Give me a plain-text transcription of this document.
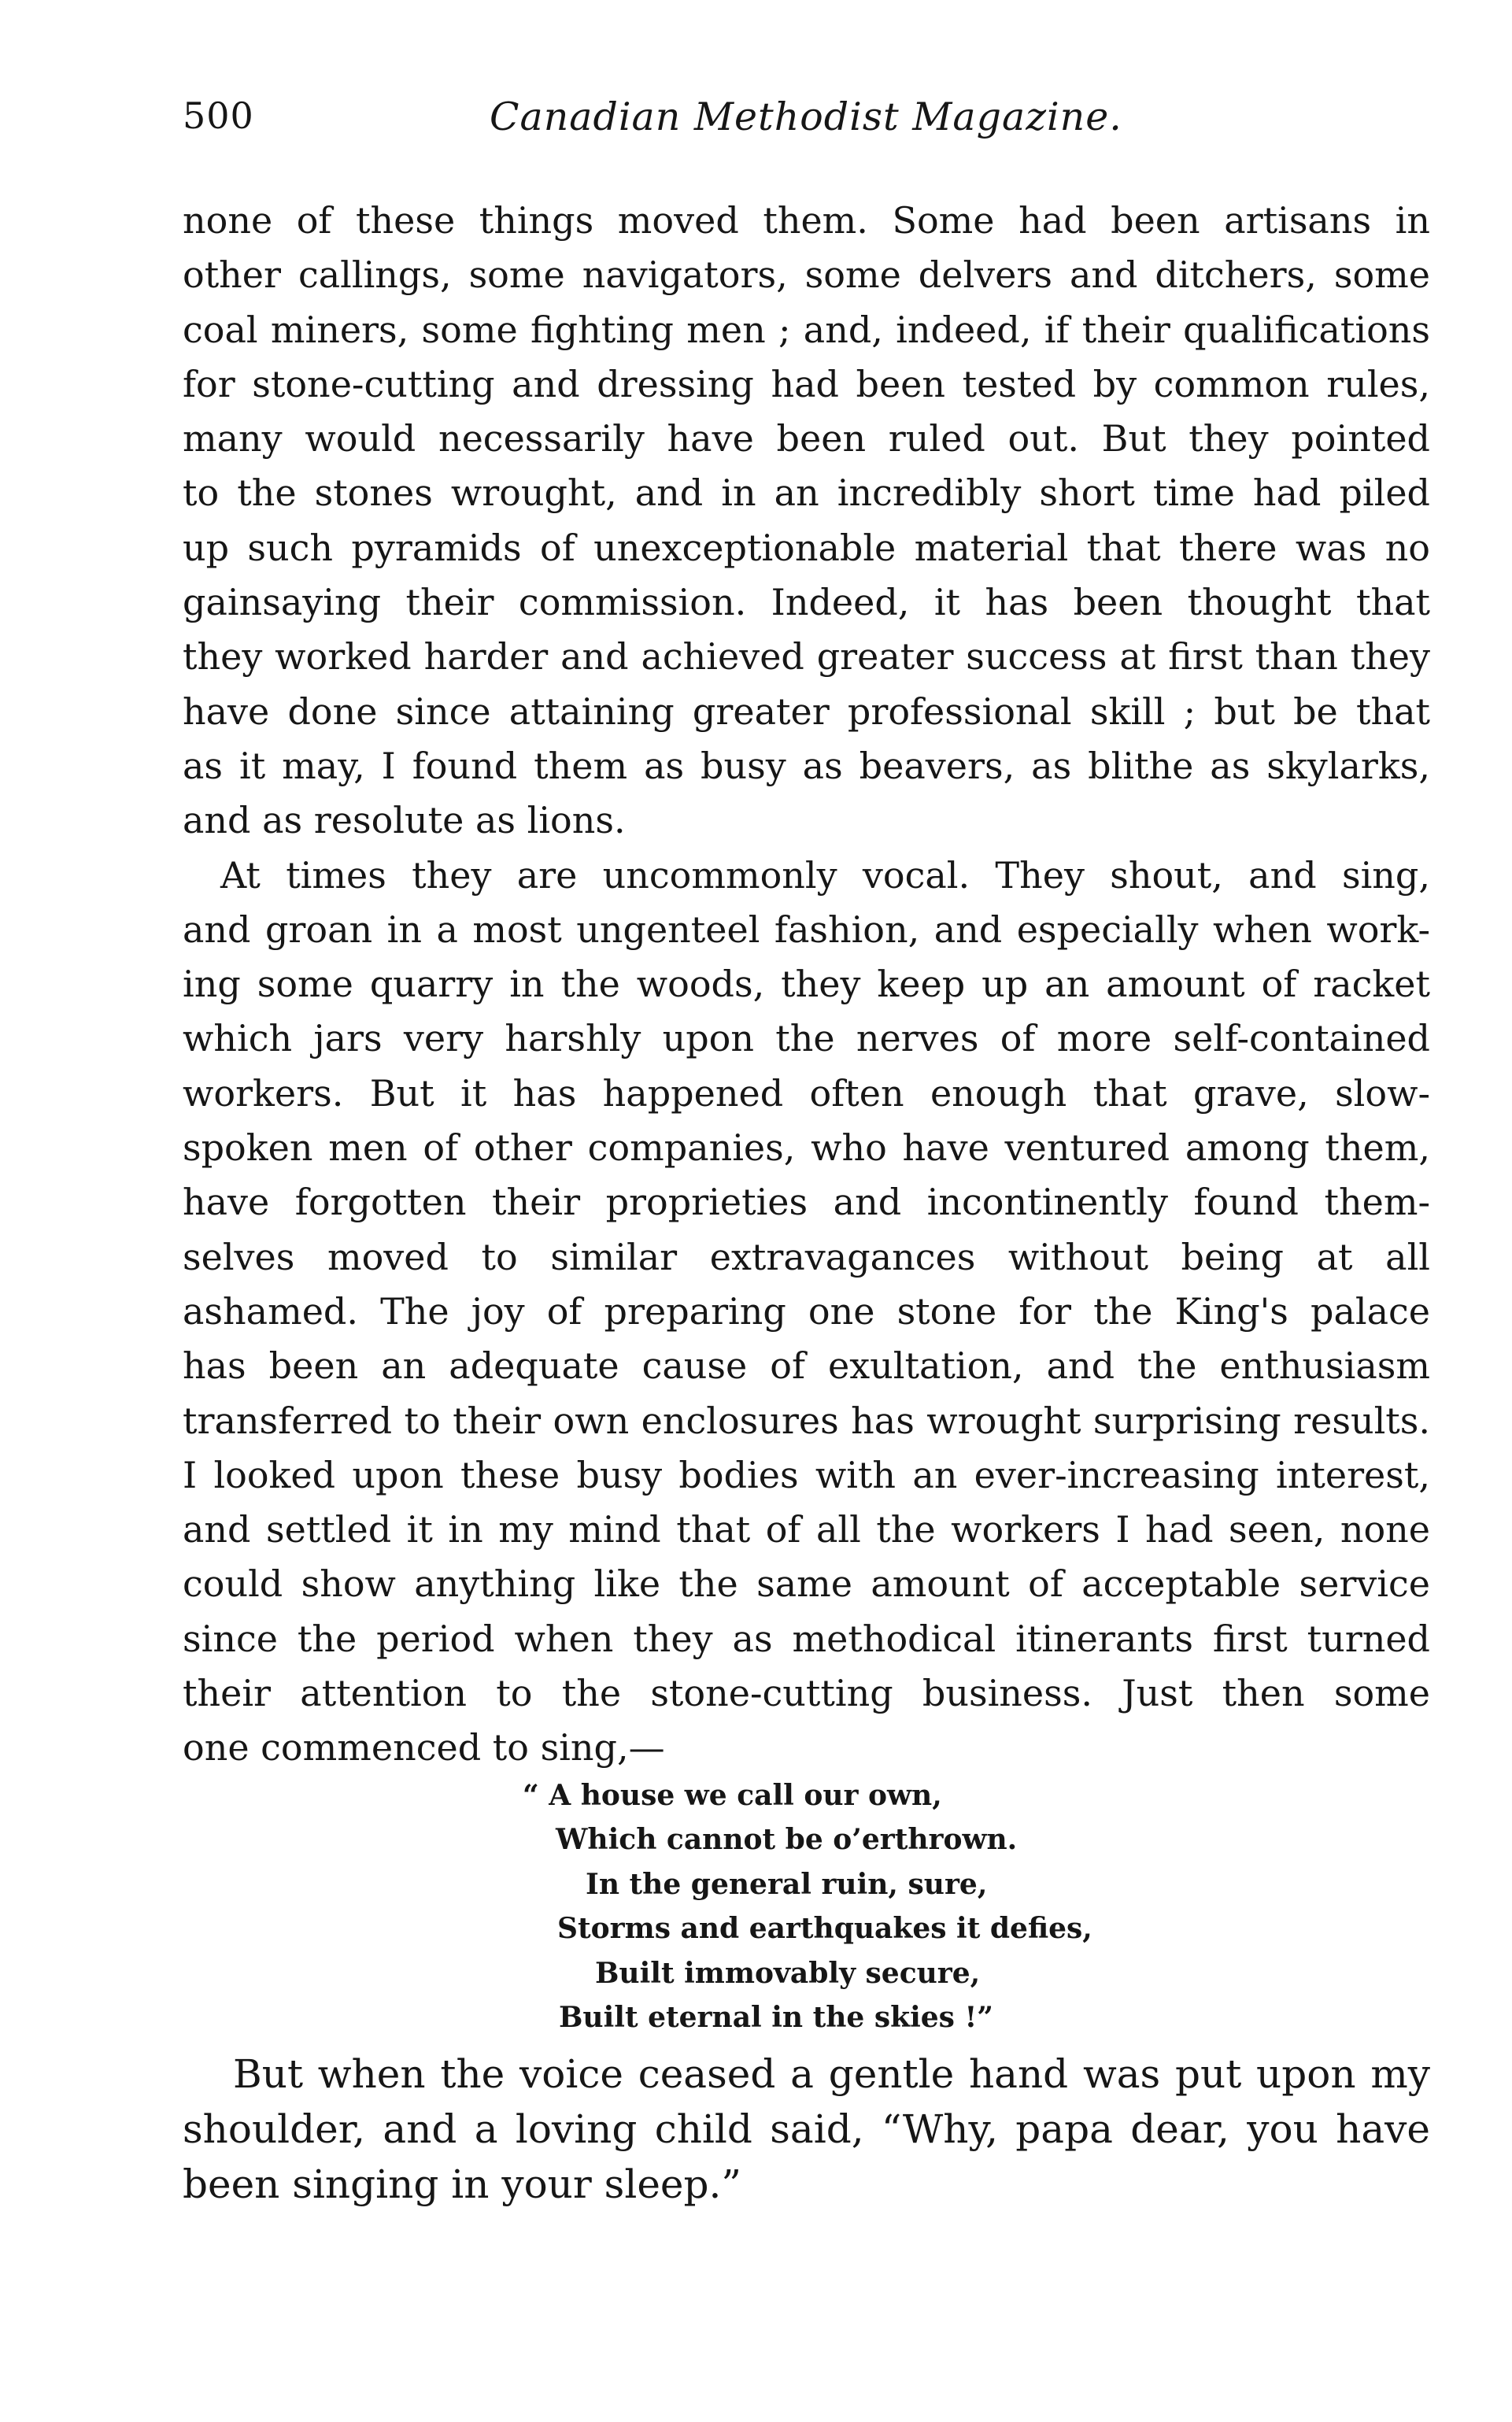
500	Canadian Methodist Magazine.
none of these things moved them. Some had been artisans in
other callings, some navigators, some delvers and ditchers, some
coal miners, some fighting men ; and, indeed, if their qualifications
for stone-cutting and dressing had been tested by common rules,
many would necessarily have been ruled out. But they pointed
to the stones wrought, and in an incredibly short time had piled
up such pyramids of unexceptionable material that there was no
gainsaying their commission. Indeed, it has been thought that
they worked harder and achieved greater success at first than they
have done since attaining greater professional skill ; but be that
as it may, I found them as busy as beavers, as blithe as skylarks,
and as resolute as lions.
At times they are uncommonly vocal. They shout, and sing,
and groan in a most ungenteel fashion, and especially when work-
ing some quarry in the woods, they keep up an amount of racket
which jars very harshly upon the nerves of more self-contained
workers. But it has happened often enough that grave, slow-
spoken men of other companies, who have ventured among them,
have forgotten their proprieties and incontinently found them-
selves moved to similar extravagances without being at all
ashamed. The joy of preparing one stone for the King's palace
has been an adequate cause of exultation, and the enthusiasm
transferred to their own enclosures has wrought surprising results.
I looked upon these busy bodies with an ever-increasing interest,
and settled it in my mind that of all the workers I had seen, none
could show anything like the same amount of acceptable service
since the period when they as methodical itinerants first turned
their attention to the stone-cutting business. Just then some
one commenced to sing,—
“ A house we call our own,
Which cannot be o’erthrown.
In the general ruin, sure,
Storms and earthquakes it defies,
Built immovably secure,
Built eternal in the skies !”
But when the voice ceased a gentle hand was put upon my
shoulder, and a loving child said, “Why, papa dear, you have
been singing in your sleep.”
